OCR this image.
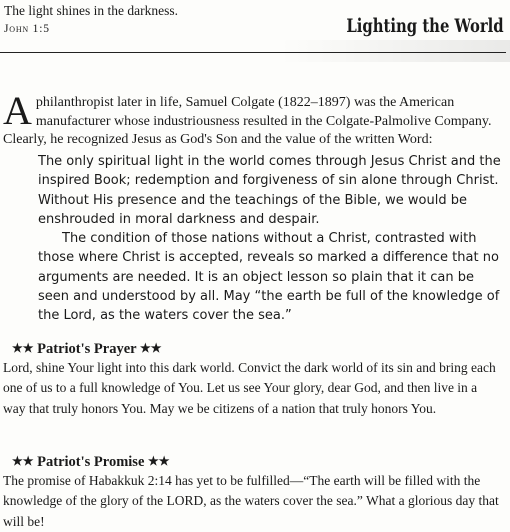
The light shines in the darkness.
John 1:5	Lighting the World
Aphilanthropist later in life, Samuel Colgate (1822–1897) was the American manufacturer whose industriousness resulted in the Colgate-Palmolive Company. Clearly, he recognized Jesus as God's Son and the value of the written Word:

The only spiritual light in the world comes through Jesus Christ and the inspired Book; redemption and forgiveness of sin alone through Christ. Without His presence and the teachings of the Bible, we would be enshrouded in moral darkness and despair.

The condition of those nations without a Christ, contrasted with those where Christ is accepted, reveals so marked a difference that no arguments are needed. It is an object lesson so plain that it can be seen and understood by all. May “the earth be full of the knowledge of the Lord, as the waters cover the sea.”

★★ Patriot's Prayer ★★
Lord, shine Your light into this dark world. Convict the dark world of its sin and bring each one of us to a full knowledge of You. Let us see Your glory, dear God, and then live in a way that truly honors You. May we be citizens of a nation that truly honors You.
★★ Patriot's Promise ★★
The promise of Habakkuk 2:14 has yet to be fulfilled—“The earth will be filled with the knowledge of the glory of the LORD, as the waters cover the sea.” What a glorious day that will be!
